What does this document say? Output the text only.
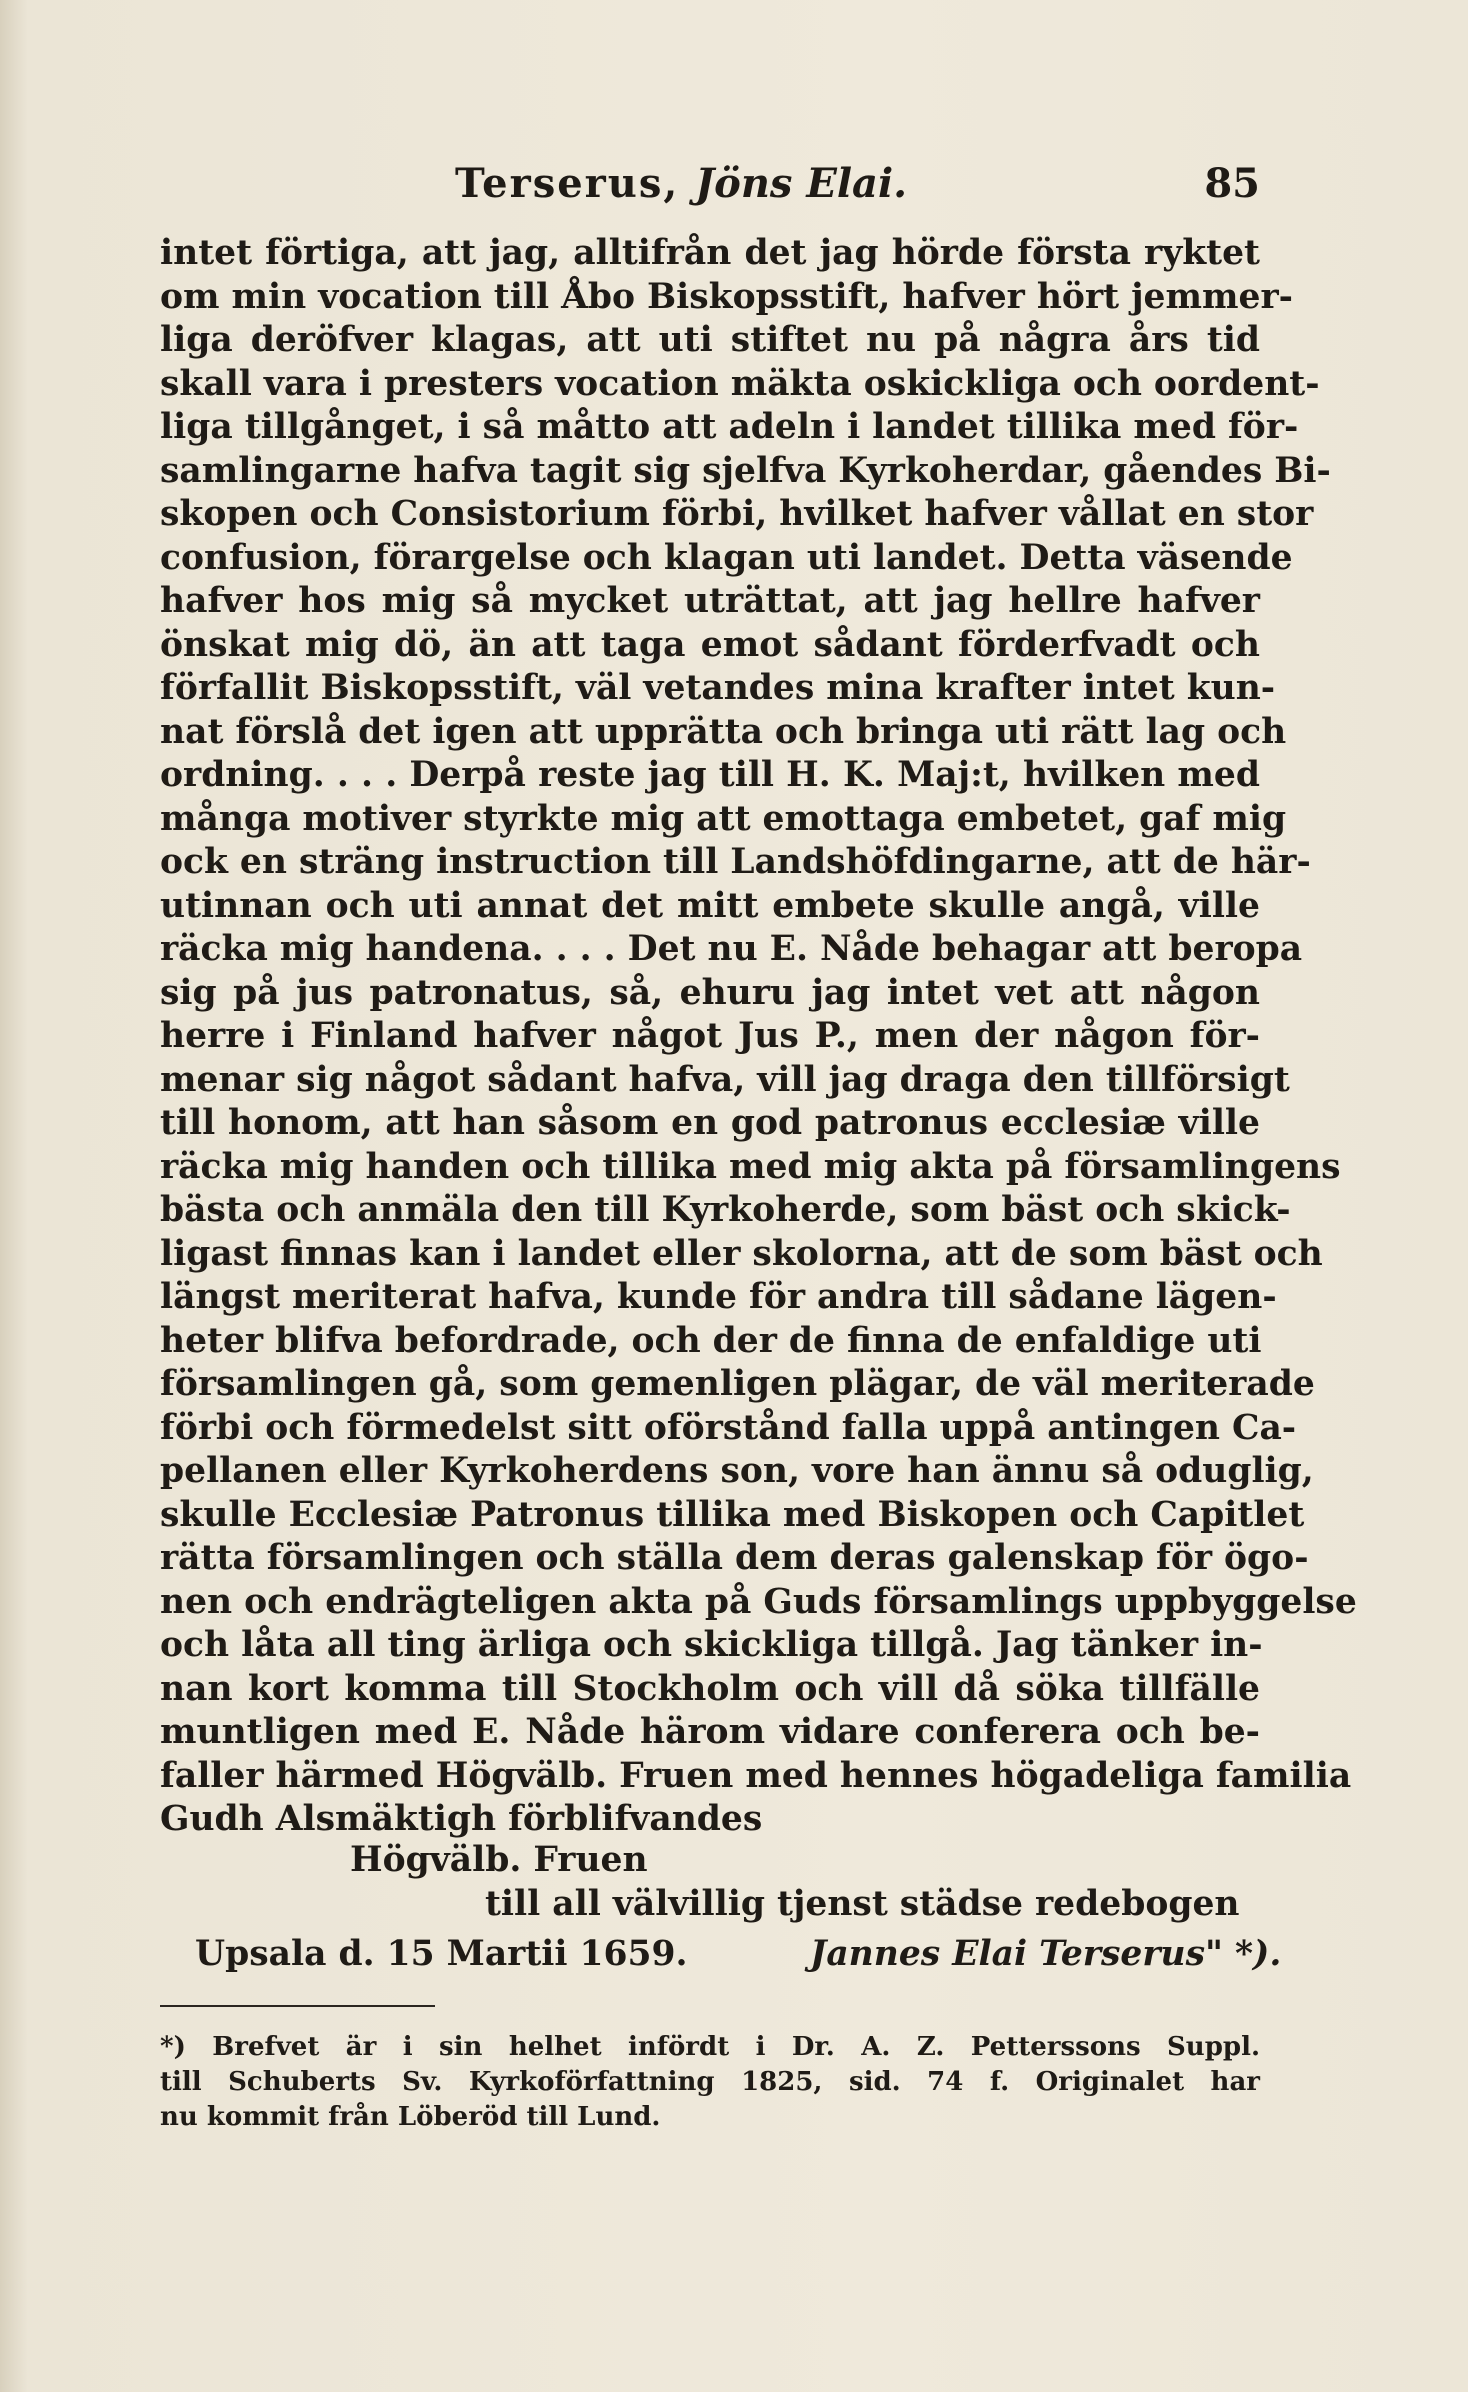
Terserus, Jöns Elai.	85
intet förtiga, att jag, alltifrån det jag hörde första ryktet
om min vocation till Åbo Biskopsstift, hafver hört jemmer-
liga deröfver klagas, att uti stiftet nu på några års tid
skall vara i presters vocation mäkta oskickliga och oordent-
liga tillgånget, i så måtto att adeln i landet tillika med för-
samlingarne hafva tagit sig sjelfva Kyrkoherdar, gåendes Bi-
skopen och Consistorium förbi, hvilket hafver vållat en stor
confusion, förargelse och klagan uti landet. Detta väsende
hafver hos mig så mycket uträttat, att jag hellre hafver
önskat mig dö, än att taga emot sådant förderfvadt och
förfallit Biskopsstift, väl vetandes mina krafter intet kun-
nat förslå det igen att upprätta och bringa uti rätt lag och
ordning. . . . Derpå reste jag till H. K. Maj:t, hvilken med
många motiver styrkte mig att emottaga embetet, gaf mig
ock en sträng instruction till Landshöfdingarne, att de här-
utinnan och uti annat det mitt embete skulle angå, ville
räcka mig handena. . . . Det nu E. Nåde behagar att beropa
sig på jus patronatus, så, ehuru jag intet vet att någon
herre i Finland hafver något Jus P., men der någon för-
menar sig något sådant hafva, vill jag draga den tillförsigt
till honom, att han såsom en god patronus ecclesiæ ville
räcka mig handen och tillika med mig akta på församlingens
bästa och anmäla den till Kyrkoherde, som bäst och skick-
ligast finnas kan i landet eller skolorna, att de som bäst och
längst meriterat hafva, kunde för andra till sådane lägen-
heter blifva befordrade, och der de finna de enfaldige uti
församlingen gå, som gemenligen plägar, de väl meriterade
förbi och förmedelst sitt oförstånd falla uppå antingen Ca-
pellanen eller Kyrkoherdens son, vore han ännu så oduglig,
skulle Ecclesiæ Patronus tillika med Biskopen och Capitlet
rätta församlingen och ställa dem deras galenskap för ögo-
nen och endrägteligen akta på Guds församlings uppbyggelse
och låta all ting ärliga och skickliga tillgå. Jag tänker in-
nan kort komma till Stockholm och vill då söka tillfälle
muntligen med E. Nåde härom vidare conferera och be-
faller härmed Högvälb. Fruen med hennes högadeliga familia
Gudh Alsmäktigh förblifvandes
Högvälb. Fruen
till all välvillig tjenst städse redebogen
Upsala d. 15 Martii 1659.	Jannes Elai Terserus" *).
*) Brefvet är i sin helhet infördt i Dr. A. Z. Petterssons Suppl.
till Schuberts Sv. Kyrkoförfattning 1825, sid. 74 f. Originalet har
nu kommit från Löberöd till Lund.
